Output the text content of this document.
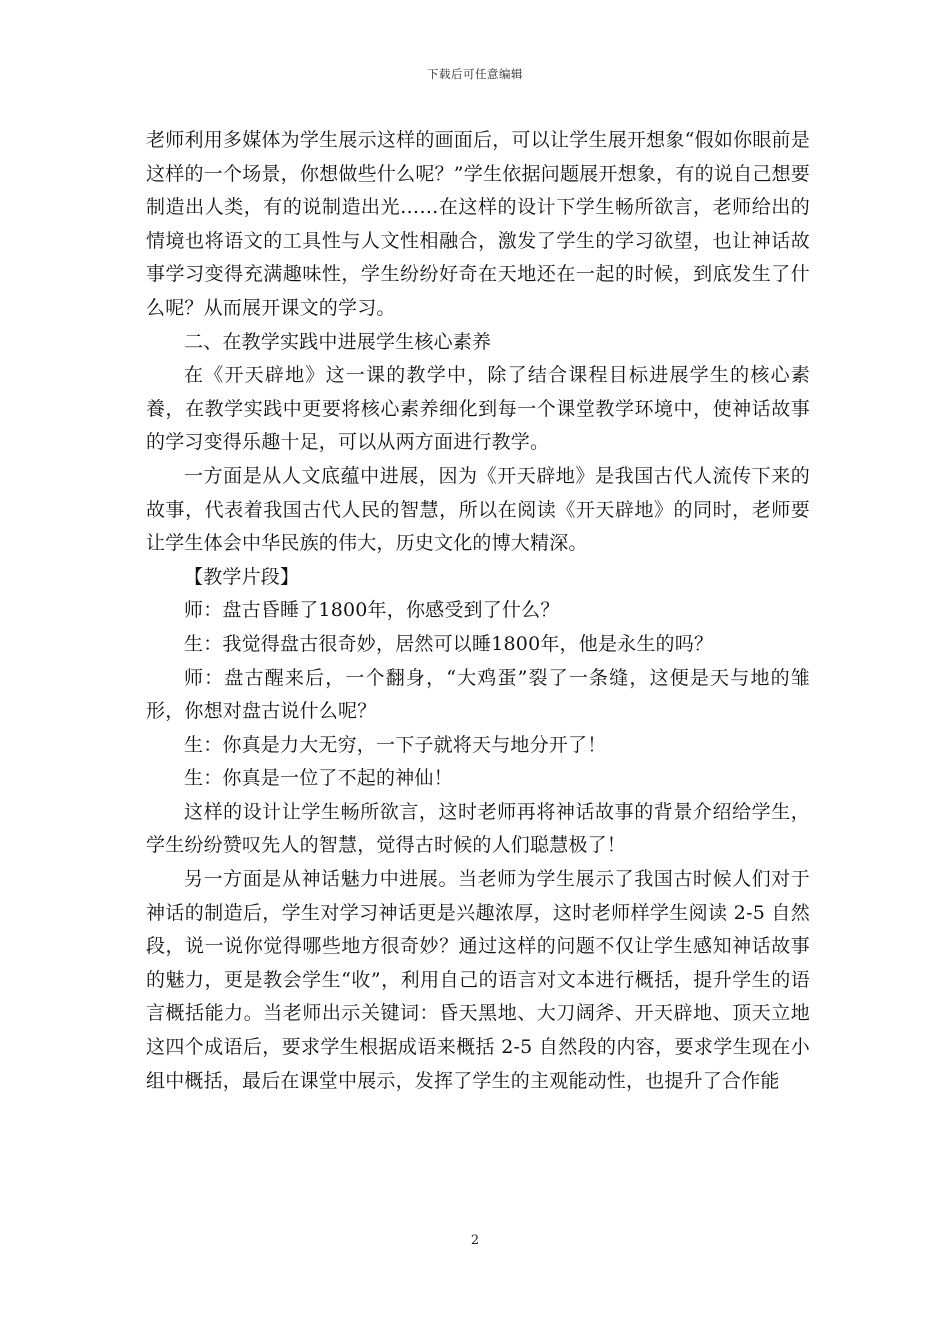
下载后可任意编辑

老师利用多媒体为学生展示这样的画面后，可以让学生展开想象“假如你眼前是这样的一个场景，你想做些什么呢？”学生依据问题展开想象，有的说自己想要制造出人类，有的说制造出光……在这样的设计下学生畅所欲言，老师给出的情境也将语文的工具性与人文性相融合，激发了学生的学习欲望，也让神话故事学习变得充满趣味性，学生纷纷好奇在天地还在一起的时候，到底发生了什么呢？从而展开课文的学习。

二、在教学实践中进展学生核心素养

在《开天辟地》这一课的教学中，除了结合课程目标进展学生的核心素養，在教学实践中更要将核心素养细化到每一个课堂教学环境中，使神话故事的学习变得乐趣十足，可以从两方面进行教学。

一方面是从人文底蕴中进展，因为《开天辟地》是我国古代人流传下来的故事，代表着我国古代人民的智慧，所以在阅读《开天辟地》的同时，老师要让学生体会中华民族的伟大，历史文化的博大精深。

【教学片段】

师：盘古昏睡了1800年，你感受到了什么？

生：我觉得盘古很奇妙，居然可以睡1800年，他是永生的吗？

师：盘古醒来后，一个翻身，“大鸡蛋”裂了一条缝，这便是天与地的雏形，你想对盘古说什么呢？

生：你真是力大无穷，一下子就将天与地分开了！

生：你真是一位了不起的神仙！

这样的设计让学生畅所欲言，这时老师再将神话故事的背景介绍给学生，学生纷纷赞叹先人的智慧，觉得古时候的人们聪慧极了！

另一方面是从神话魅力中进展。当老师为学生展示了我国古时候人们对于神话的制造后，学生对学习神话更是兴趣浓厚，这时老师样学生阅读 2-5 自然段，说一说你觉得哪些地方很奇妙？通过这样的问题不仅让学生感知神话故事的魅力，更是教会学生“收”，利用自己的语言对文本进行概括，提升学生的语言概括能力。当老师出示关键词：昏天黑地、大刀阔斧、开天辟地、顶天立地这四个成语后，要求学生根据成语来概括 2-5 自然段的内容，要求学生现在小组中概括，最后在课堂中展示，发挥了学生的主观能动性，也提升了合作能

2
